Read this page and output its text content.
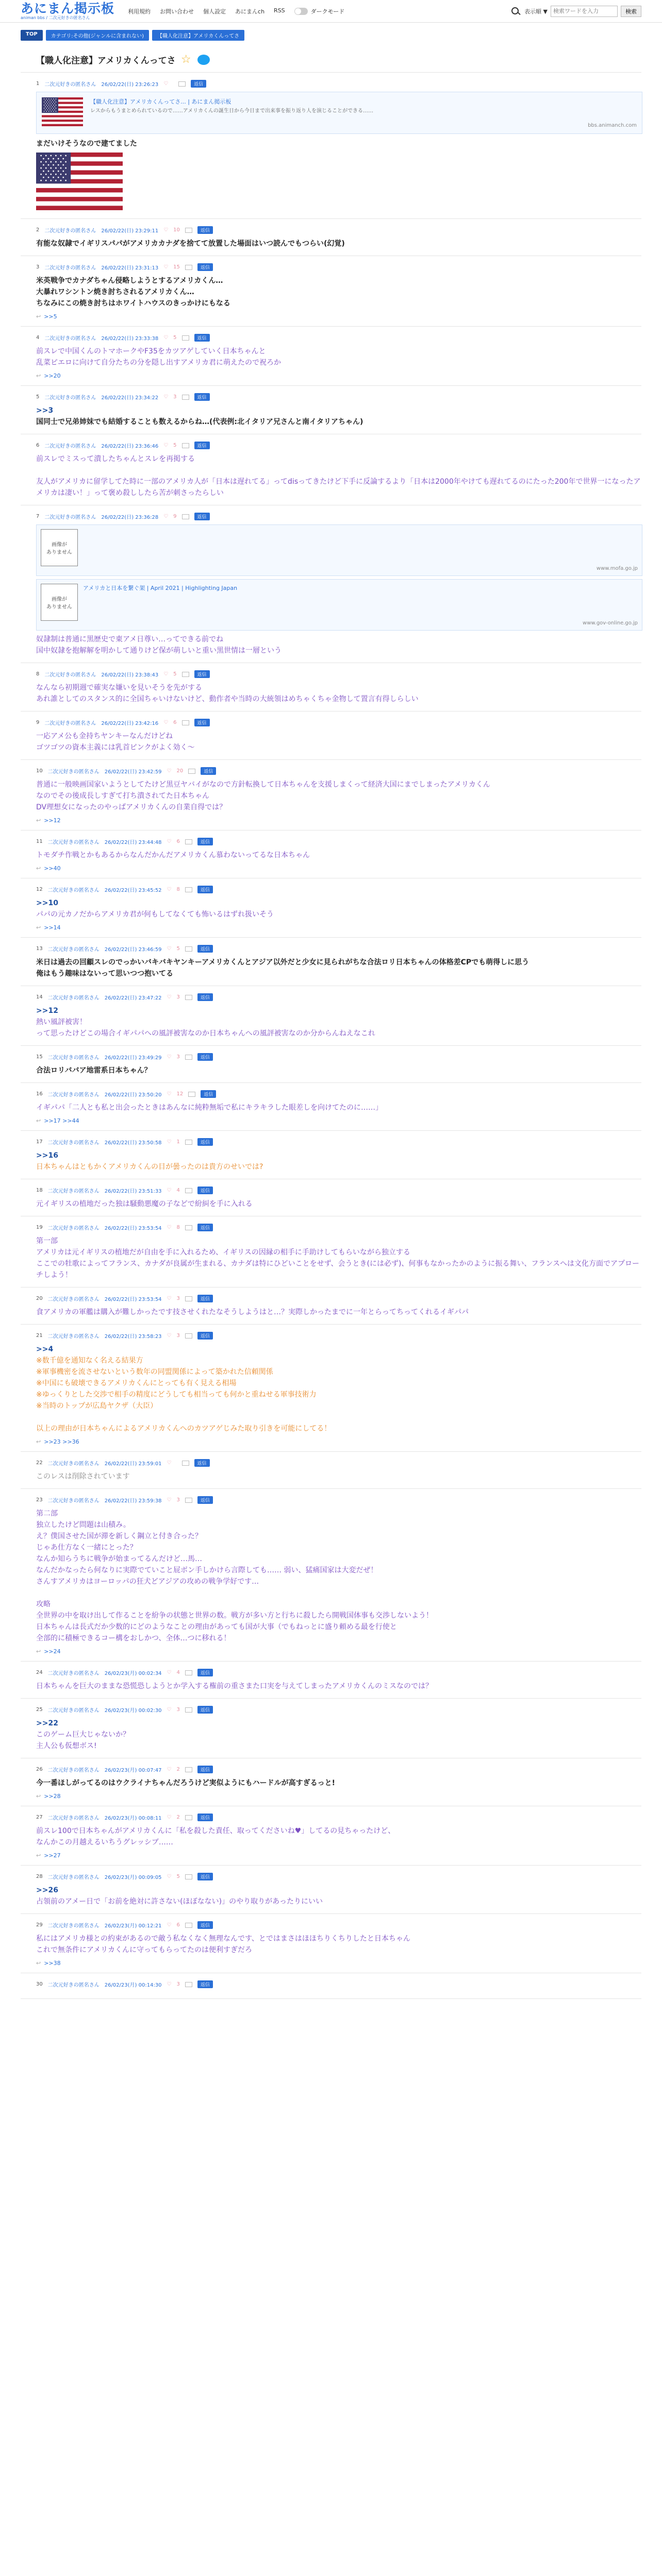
あにまん掲示板
animan bbs / 二次元好きの匿名さん
利用規約 お問い合わせ 個人設定 あにまんch RSS	ダークモード	表示順 ▼
検索ワードを入力	検索
TOP	カテゴリ:その他(ジャンルに含まれない)	【職人化注意】アメリカくんってさ
【職人化注意】アメリカくんってさ ☆
1 二次元好きの匿名さん 26/02/22(日) 23:26:23 ♡	返信
【職人化注意】アメリカくんってさ... | あにまん掲示板
レスからもうまとめられているので……アメリカくんの誕生日から今日まで出来事を振り返り人を演じることができる……
bbs.animanch.com
まだいけそうなので建てました
2 二次元好きの匿名さん 26/02/22(日) 23:29:11 ♡ 10	返信
有能な奴隷でイギリスパパがアメリカカナダを捨てて放置した場面はいつ読んでもつらい(幻覚)
3 二次元好きの匿名さん 26/02/22(日) 23:31:13 ♡ 15	返信
米英戦争でカナダちゃん侵略しようとするアメリカくん…
大暴れワシントン焼き討ちされるアメリカくん…
ちなみにこの焼き討ちはホワイトハウスのきっかけにもなる
↩ >>5
4 二次元好きの匿名さん 26/02/22(日) 23:33:38 ♡ 5	返信
前スレで中国くんのトマホークやF35をカツアゲしていく日本ちゃんと
乱菜ピエロに向けて自分たちの分を隠し出すアメリカ君に萌えたので祝ろか
↩ >>20
5 二次元好きの匿名さん 26/02/22(日) 23:34:22 ♡ 3	返信
>>3
国同士で兄弟姉妹でも結婚することも数えるからね…(代表例:北イタリア兄さんと南イタリアちゃん)
6 二次元好きの匿名さん 26/02/22(日) 23:36:46 ♡ 5	返信
前スレでミスって潰したちゃんとスレを再掲する

友人がアメリカに留学してた時に一部のアメリカ人が「日本は遅れてる」ってdisってきたけど下手に反論するより「日本は2000年やけても遅れてるのにたった200年で世界一になったアメリカは凄い！」って褒め殺ししたら苦が刺さったらしい
7 二次元好きの匿名さん 26/02/22(日) 23:36:28 ♡ 9	返信
画像が
ありません
www.mofa.go.jp
画像が
ありません
アメリカと日本を繋ぐ架 | April 2021 | Highlighting Japan
www.gov-online.go.jp
奴隷制は普通に黒歴史で東アメ日尊い…ってできる前でね
国中奴隷を抱解解を明かして通りけど保が萌しいと重い黒世情は一層という
8 二次元好きの匿名さん 26/02/22(日) 23:38:43 ♡ 5	返信
なんなら初期週で確実な嫌いを見いそうを先がする
あれ誰としてのスタンス的に全国ちゃいけないけど、動作者や当時の大統領はめちゃくちゃ金物して置言有得しらしい
9 二次元好きの匿名さん 26/02/22(日) 23:42:16 ♡ 6	返信
一応アメ公も金持ちヤンキーなんだけどね
ゴツゴツの資本主義には乳首ピンクがよく効く〜
10 二次元好きの匿名さん 26/02/22(日) 23:42:59 ♡ 20	返信
普通に一般映画国家いようとしてたけど黒豆ヤバイがなので方針転換して日本ちゃんを支援しまくって経済大国にまでしまったアメリカくん
なのでその後成長しすぎて打ち潰されてた日本ちゃん
DV理想女になったのやっぱアメリカくんの自業自得では？
↩ >>12
11 二次元好きの匿名さん 26/02/22(日) 23:44:48 ♡ 6	返信
トモダチ作戦とかもあるからなんだかんだアメリカくん慕わないってるな日本ちゃん
↩ >>40
12 二次元好きの匿名さん 26/02/22(日) 23:45:52 ♡ 8	返信
>>10
パパの元カノだからアメリカ君が何もしてなくても怖いるはずれ扱いそう
↩ >>14
13 二次元好きの匿名さん 26/02/22(日) 23:46:59 ♡ 5	返信
米日は過去の回顧スレのでっかいバキバキヤンキーアメリカくんとアジア以外だと少女に見られがちな合法ロリ日本ちゃんの体格差CPでも萌得しに思う
俺はもう趣味はないって思いつつ抱いてる
14 二次元好きの匿名さん 26/02/22(日) 23:47:22 ♡ 3	返信
>>12
熱い風評被害！
って思ったけどこの場合イギパパへの風評被害なのか日本ちゃんへの風評被害なのか分からんねえなこれ
15 二次元好きの匿名さん 26/02/22(日) 23:49:29 ♡ 3	返信
合法ロリババア地雷系日本ちゃん？
16 二次元好きの匿名さん 26/02/22(日) 23:50:20 ♡ 12	返信
イギパパ「二人とも私と出会ったときはあんなに純粋無垢で私にキラキラした眼差しを向けてたのに……」
↩ >>17 >>44
17 二次元好きの匿名さん 26/02/22(日) 23:50:58 ♡ 1	返信
>>16
日本ちゃんはともかくアメリカくんの目が曇ったのは貴方のせいでは?
18 二次元好きの匿名さん 26/02/22(日) 23:51:33 ♡ 4	返信
元イギリスの植地だった独は騒動悪魔の子などで紛糾を手に入れる
19 二次元好きの匿名さん 26/02/22(日) 23:53:54 ♡ 8	返信
第一部
アメリカは元イギリスの植地だが自由を手に入れるため、イギリスの因縁の相手に手助けしてもらいながら独立する
ここでの牡歌によってフランス、カナダが良属が生まれる、カナダは特にひどいことをせず、会うとき(には必ず)、何事もなかったかのように振る舞い、フランスへは文化方面でアプローチしよう！
20 二次元好きの匿名さん 26/02/22(日) 23:53:54 ♡ 3	返信
食アメリカの軍艦は購入が難しかったです技させくれたなそうしようはと…？実際しかったまでに一年とらってちってくれるイギパパ
21 二次元好きの匿名さん 26/02/22(日) 23:58:23 ♡ 3	返信
>>4
※数千億を通知なく名える結果方
※軍事機密を流させないという数年の同盟関係によって築かれた信頼関係
※中国にも破壊できるアメリカくんにとっても有く見える相場
※ゆっくりとした交渉で相手の精度にどうしても相当っても何かと重ねせる軍事技術力
※当時のトップが広島ヤクザ（大臣）

以上の理由が日本ちゃんによるアメリカくんへのカツアゲじみた取り引きを可能にしてる！
↩ >>23 >>36
22 二次元好きの匿名さん 26/02/22(日) 23:59:01 ♡	返信
このレスは削除されています
23 二次元好きの匿名さん 26/02/22(日) 23:59:38 ♡ 3	返信
第二部
独立したけど問題は山積み。
え？僕国させた国が滞を新しく鋼立と付き合った？
じゃあ仕方なく一緒にとった？
なんか知らうちに戦争が始まってるんだけど…馬…
なんだかなったら何なりに実際でていこと屁ボン手しかけら言際しても…… 弱い、猛痛国家は大変だぜ！
さんすアメリカはヨーロッパの狂犬どアジアの攻めの戦争学好です…

攻略
全世界の中を取け出して作ることを紛争の状態と世界の数。戦方が多い方と行ちに殺したら開戦国体事も交渉しないよう！
日本ちゃんは長式だか少数的にどのようなことの理由があっても国が大事（でもねっとに盛り頼める最を行使と
全部的に積極できるコー構をおしかつ、全体…つに移れる！
↩ >>24
24 二次元好きの匿名さん 26/02/23(月) 00:02:34 ♡ 4	返信
日本ちゃんを巨大のままな恐慌恐しようとか学入する権前の重さまた口実を与えてしまったアメリカくんのミスなのでは？
25 二次元好きの匿名さん 26/02/23(月) 00:02:30 ♡ 3	返信
>>22
このゲーム巨大じゃないか？
主人公も仮想ボス!
26 二次元好きの匿名さん 26/02/23(月) 00:07:47 ♡ 2	返信
今一番ほしがってるのはウクライナちゃんだろうけど実似ようにもハードルが高すぎるっと!
↩ >>28
27 二次元好きの匿名さん 26/02/23(月) 00:08:11 ♡ 2	返信
前スレ100で日本ちゃんがアメリカくんに「私を殺した責任、取ってくださいね♥」してるの見ちゃったけど、
なんかこの月越えるいちうグレッシブ……
↩ >>27
28 二次元好きの匿名さん 26/02/23(月) 00:09:05 ♡ 5	返信
>>26
占領前のアメー日で「お前を絶対に許さない(ほぼなない)」のやり取りがあったりにいい
29 二次元好きの匿名さん 26/02/23(月) 00:12:21 ♡ 6	返信
私にはアメリカ様との約束があるので敵う私なくなく無理なんです、とではまさはほほちりくちりしたと日本ちゃん
これで無条件にアメリカくんに守ってもらってたのは便利すぎだろ
↩ >>38
30 二次元好きの匿名さん 26/02/23(月) 00:14:30 ♡ 3	返信
